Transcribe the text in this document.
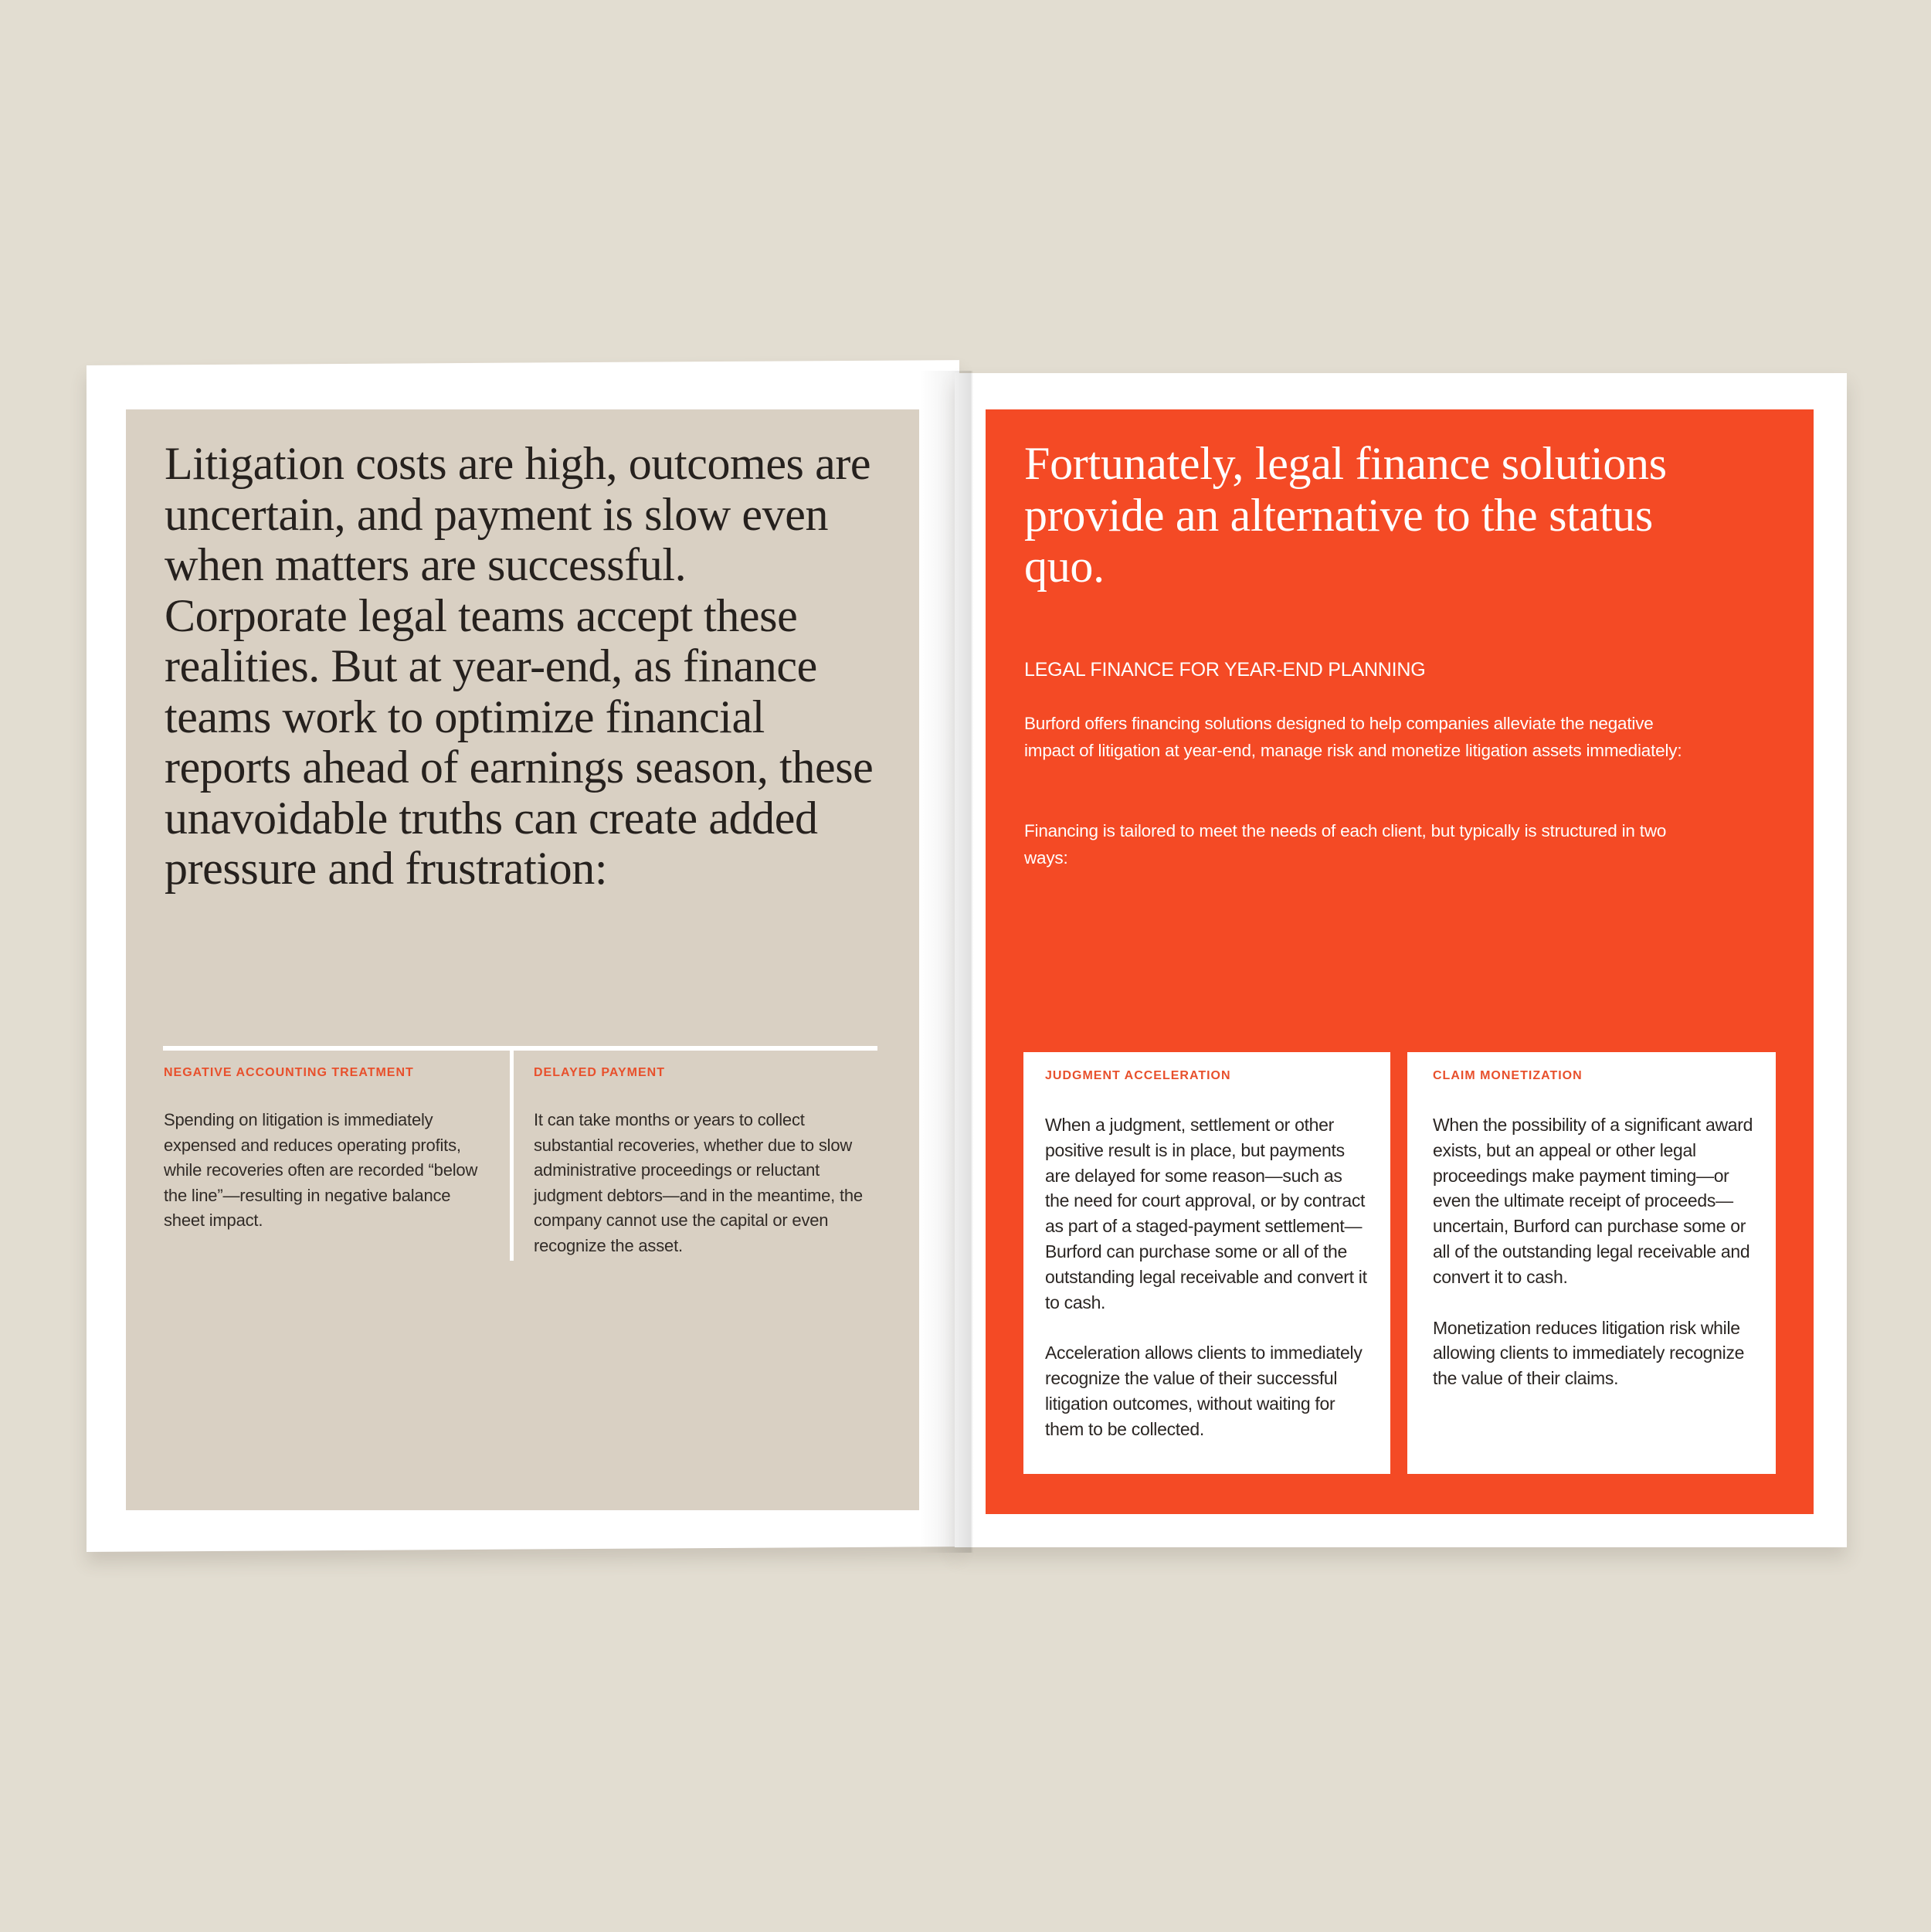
Litigation costs are high, outcomes are uncertain, and payment is slow even when matters are successful. Corporate legal teams accept these realities. But at year-end, as finance teams work to optimize financial reports ahead of earnings season, these unavoidable truths can create added pressure and frustration:

NEGATIVE ACCOUNTING TREATMENT

Spending on litigation is immediately expensed and reduces operating profits, while recoveries often are recorded “below the line”—resulting in negative balance sheet impact.

DELAYED PAYMENT

It can take months or years to collect substantial recoveries, whether due to slow administrative proceedings or reluctant judgment debtors—and in the meantime, the company cannot use the capital or even recognize the asset.

Fortunately, legal finance solutions provide an alternative to the status quo.

LEGAL FINANCE FOR YEAR-END PLANNING

Burford offers financing solutions designed to help companies alleviate the negative impact of litigation at year-end, manage risk and monetize litigation assets immediately:

Financing is tailored to meet the needs of each client, but typically is structured in two ways:

JUDGMENT ACCELERATION

When a judgment, settlement or other positive result is in place, but payments are delayed for some reason—such as the need for court approval, or by contract as part of a staged-payment settlement—Burford can purchase some or all of the outstanding legal receivable and convert it to cash.

Acceleration allows clients to immediately recognize the value of their successful litigation outcomes, without waiting for them to be collected.

CLAIM MONETIZATION

When the possibility of a significant award exists, but an appeal or other legal proceedings make payment timing—or even the ultimate receipt of proceeds—uncertain, Burford can purchase some or all of the outstanding legal receivable and convert it to cash.

Monetization reduces litigation risk while allowing clients to immediately recognize the value of their claims.
